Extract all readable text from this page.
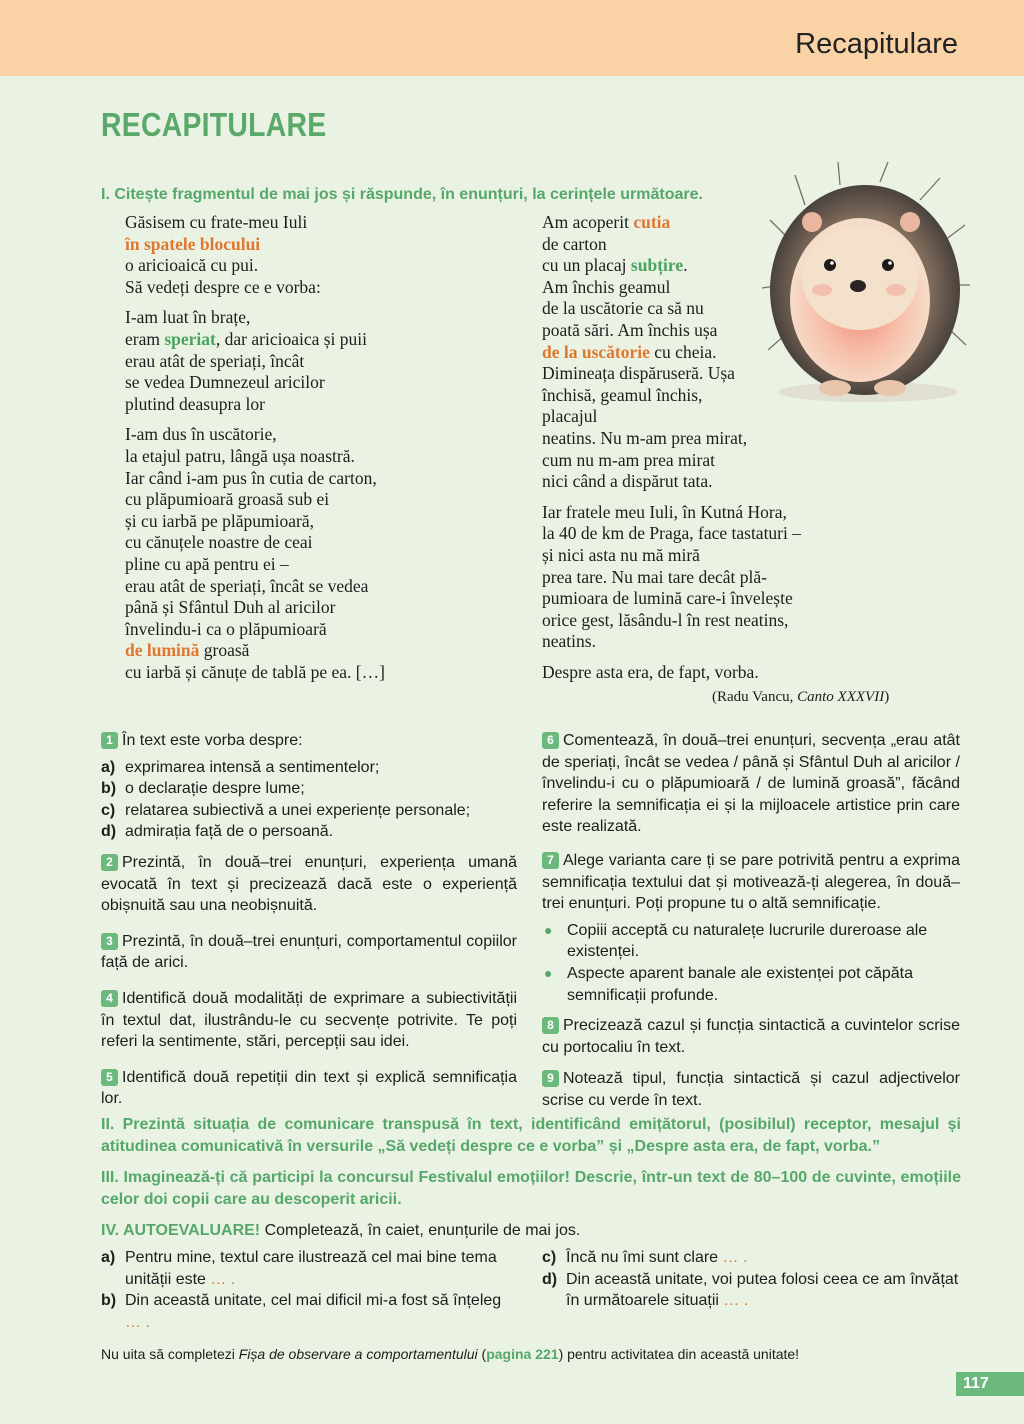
Recapitulare
RECAPITULARE
I. Citește fragmentul de mai jos și răspunde, în enunțuri, la cerințele următoare.
Găsisem cu frate-meu Iuli
în spatele blocului
o aricioaică cu pui.
Să vedeți despre ce e vorba:
I-am luat în brațe,
eram speriat, dar aricioaica și puii
erau atât de speriați, încât
se vedea Dumnezeul aricilor
plutind deasupra lor
I-am dus în uscătorie,
la etajul patru, lângă ușa noastră.
Iar când i-am pus în cutia de carton,
cu plăpumioară groasă sub ei
și cu iarbă pe plăpumioară,
cu cănuțele noastre de ceai
pline cu apă pentru ei –
erau atât de speriați, încât se vedea
până și Sfântul Duh al aricilor
învelindu-i ca o plăpumioară
de lumină groasă
cu iarbă și cănuțe de tablă pe ea. […]
Am acoperit cutia
de carton
cu un placaj subțire.
Am închis geamul
de la uscătorie ca să nu
poată sări. Am închis ușa
de la uscătorie cu cheia.
Dimineața dispăruseră. Ușa
închisă, geamul închis,
placajul
neatins. Nu m-am prea mirat,
cum nu m-am prea mirat
nici când a dispărut tata.
Iar fratele meu Iuli, în Kutná Hora,
la 40 de km de Praga, face tastaturi –
și nici asta nu mă miră
prea tare. Nu mai tare decât plă-
pumioara de lumină care-i învelește
orice gest, lăsându-l în rest neatins,
neatins.
Despre asta era, de fapt, vorba.
(Radu Vancu, Canto XXXVII)
1 În text este vorba despre:
a) exprimarea intensă a sentimentelor;
b) o declarație despre lume;
c) relatarea subiectivă a unei experiențe personale;
d) admirația față de o persoană.
2 Prezintă, în două–trei enunțuri, experiența umană evocată în text și precizează dacă este o experiență obișnuită sau una neobișnuită.
3 Prezintă, în două–trei enunțuri, comportamentul copiilor față de arici.
4 Identifică două modalități de exprimare a subiectivității în textul dat, ilustrându-le cu secvențe potrivite. Te poți referi la sentimente, stări, percepții sau idei.
5 Identifică două repetiții din text și explică semnificația lor.
6 Comentează, în două–trei enunțuri, secvența „erau atât de speriați, încât se vedea / până și Sfântul Duh al aricilor / învelindu-i cu o plăpumioară / de lumină groasă”, făcând referire la semnificația ei și la mijloacele artistice prin care este realizată.
7 Alege varianta care ți se pare potrivită pentru a exprima semnificația textului dat și motivează-ți alegerea, în două–trei enunțuri. Poți propune tu o altă semnificație.
● Copiii acceptă cu naturalețe lucrurile dureroase ale existenței.
● Aspecte aparent banale ale existenței pot căpăta semnificații profunde.
8 Precizează cazul și funcția sintactică a cuvintelor scrise cu portocaliu în text.
9 Notează tipul, funcția sintactică și cazul adjectivelor scrise cu verde în text.
II. Prezintă situația de comunicare transpusă în text, identificând emițătorul, (posibilul) receptor, mesajul și atitudinea comunicativă în versurile „Să vedeți despre ce e vorba” și „Despre asta era, de fapt, vorba.”
III. Imaginează-ți că participi la concursul Festivalul emoțiilor! Descrie, într-un text de 80–100 de cuvinte, emoțiile celor doi copii care au descoperit aricii.
IV. AUTOEVALUARE! Completează, în caiet, enunțurile de mai jos.
a) Pentru mine, textul care ilustrează cel mai bine tema unității este … .
b) Din această unitate, cel mai dificil mi-a fost să înțeleg … .
c) Încă nu îmi sunt clare … .
d) Din această unitate, voi putea folosi ceea ce am învățat în următoarele situații … .
Nu uita să completezi Fișa de observare a comportamentului (pagina 221) pentru activitatea din această unitate!
117
